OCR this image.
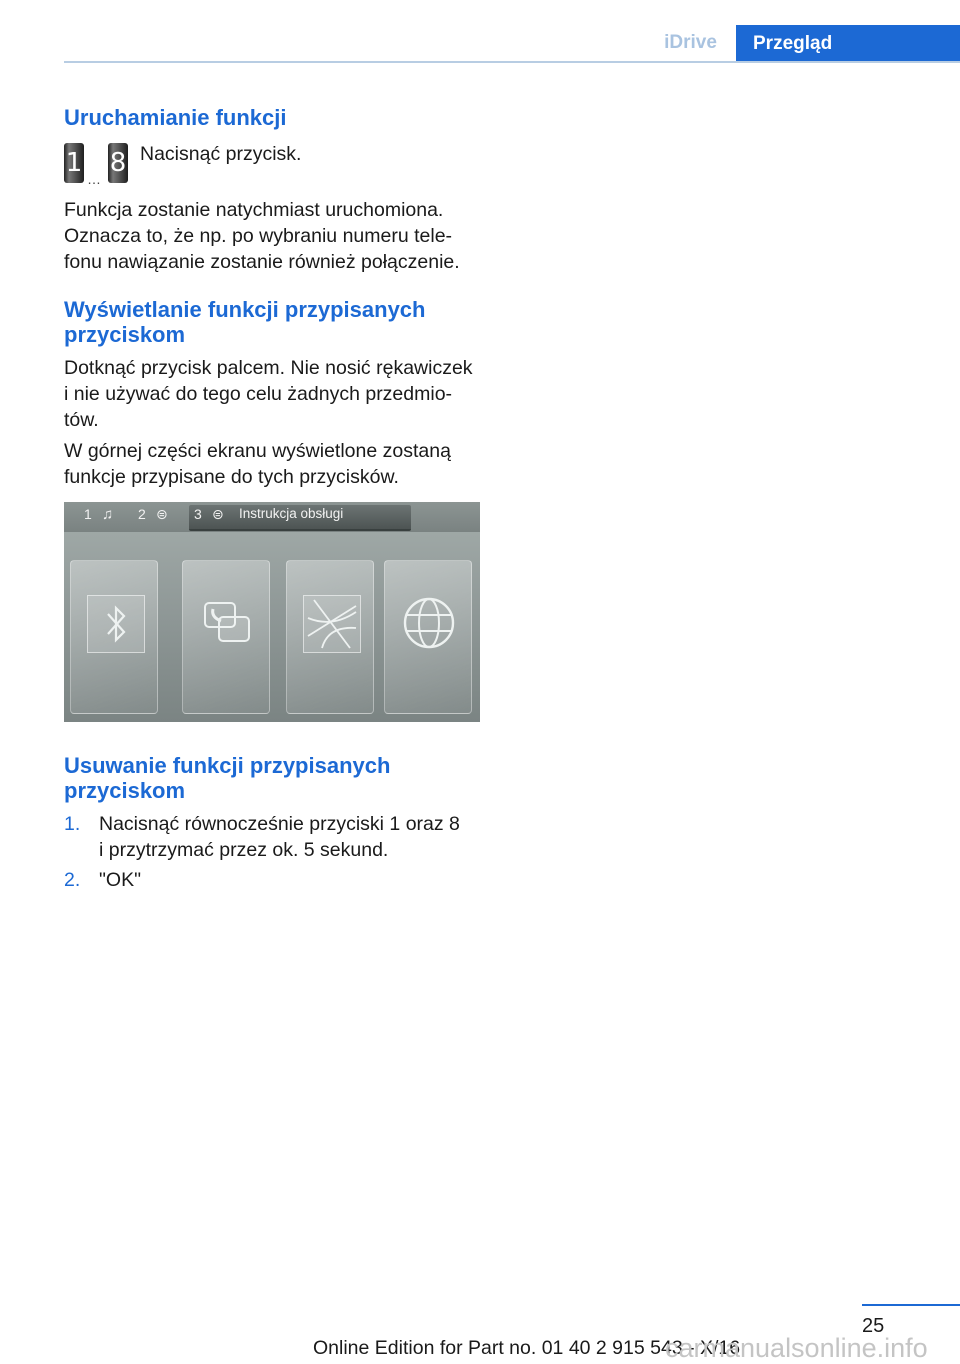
iDrive	Przegląd
Uruchamianie funkcji
1
…
8 Nacisnąć przycisk.

Funkcja zostanie natychmiast uruchomiona.

Oznacza to, że np. po wybraniu numeru tele-

fonu nawiązanie zostanie również połączenie.

Wyświetlanie funkcji przypisanych
przyciskom

Dotknąć przycisk palcem. Nie nosić rękawiczek

i nie używać do tego celu żadnych przedmio-

tów.

W górnej części ekranu wyświetlone zostaną

funkcje przypisane do tych przycisków.

1 ♫ 2 ⊜ 3 ⊜ Instrukcja obsługi
Usuwanie funkcji przypisanych
przyciskom

1. Nacisnąć równocześnie przyciski 1 oraz 8

i przytrzymać przez ok. 5 sekund.

2. "OK"

25
Online Edition for Part no. 01 40 2 915 543 - X/16
carmanualsonline.info
